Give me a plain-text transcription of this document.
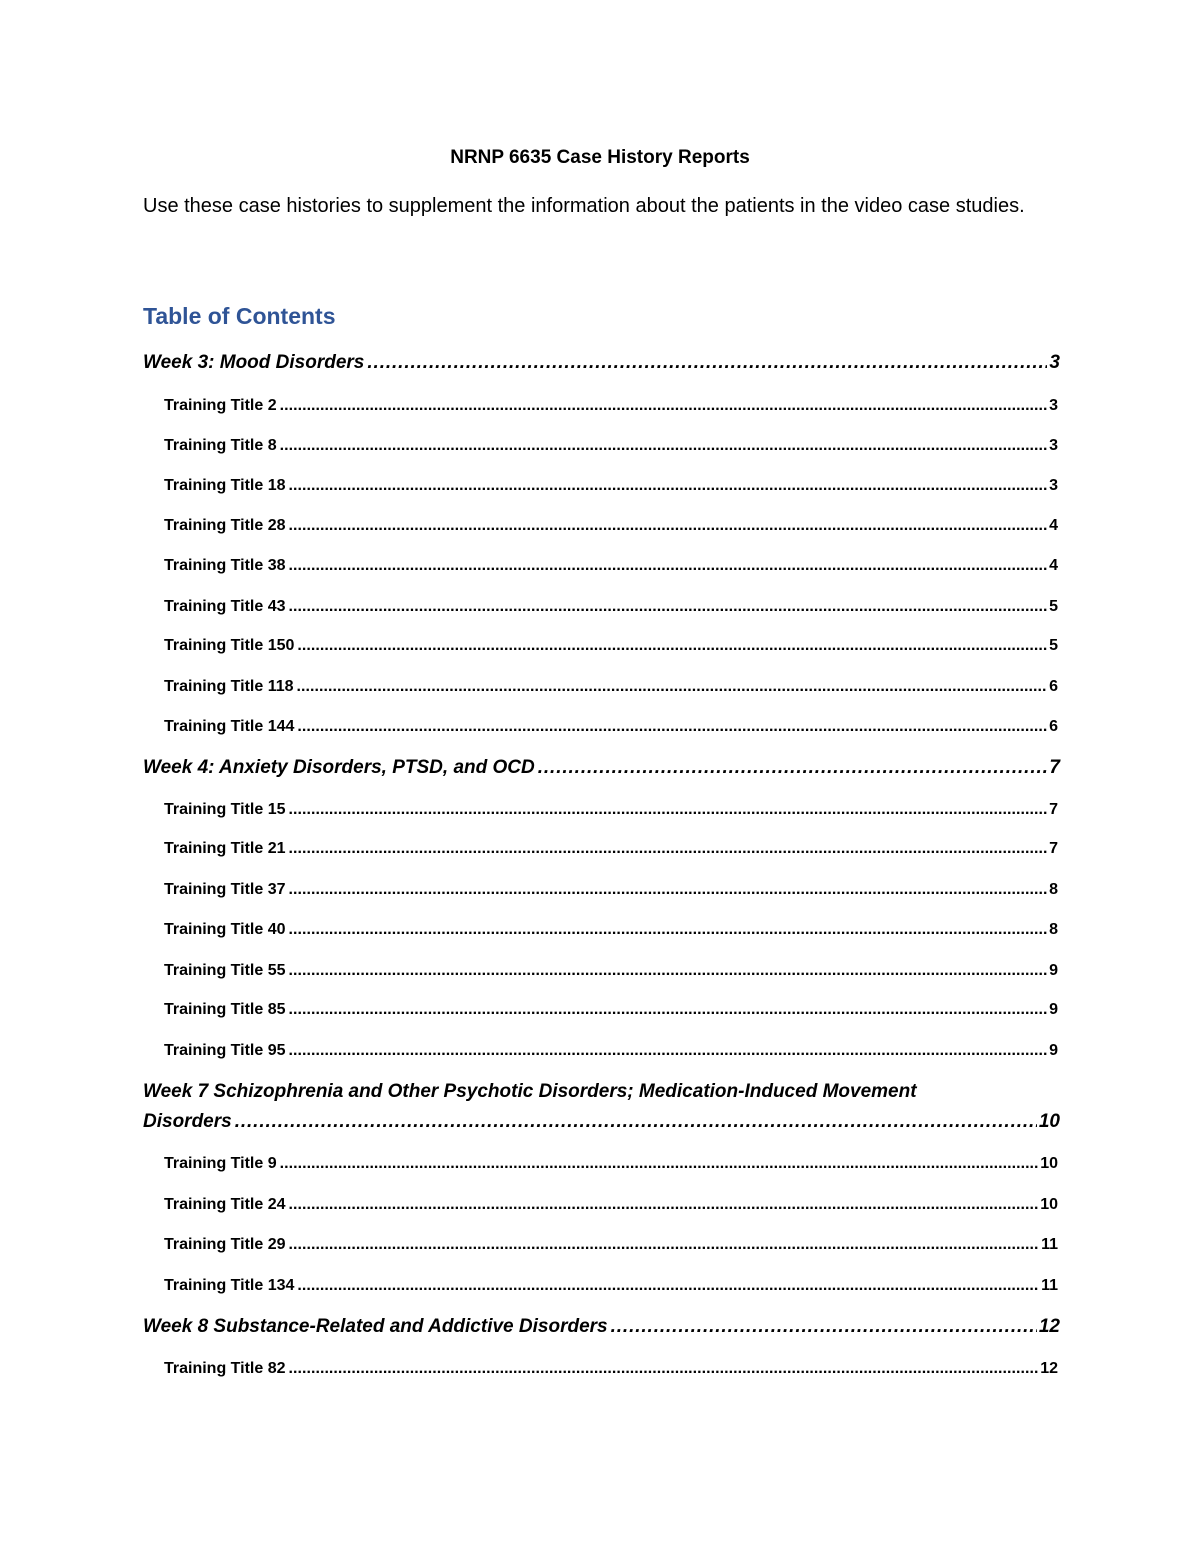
NRNP 6635 Case History Reports
Use these case histories to supplement the information about the patients in the video case studies.
Table of Contents
Week 3: Mood Disorders . . .	3
Training Title 2 . . .	3
Training Title 8 . . .	3
Training Title 18 . . .	3
Training Title 28 . . .	4
Training Title 38 . . .	4
Training Title 43 . . .	5
Training Title 150 . . .	5
Training Title 118 . . .	6
Training Title 144 . . .	6
Week 4: Anxiety Disorders, PTSD, and OCD . . .	7
Training Title 15 . . .	7
Training Title 21 . . .	7
Training Title 37 . . .	8
Training Title 40 . . .	8
Training Title 55 . . .	9
Training Title 85 . . .	9
Training Title 95 . . .	9
Week 7 Schizophrenia and Other Psychotic Disorders; Medication-Induced Movement
Disorders . . .	10
Training Title 9 . . .	10
Training Title 24 . . .	10
Training Title 29 . . .	11
Training Title 134 . . .	11
Week 8 Substance-Related and Addictive Disorders . . .	12
Training Title 82 . . .	12
